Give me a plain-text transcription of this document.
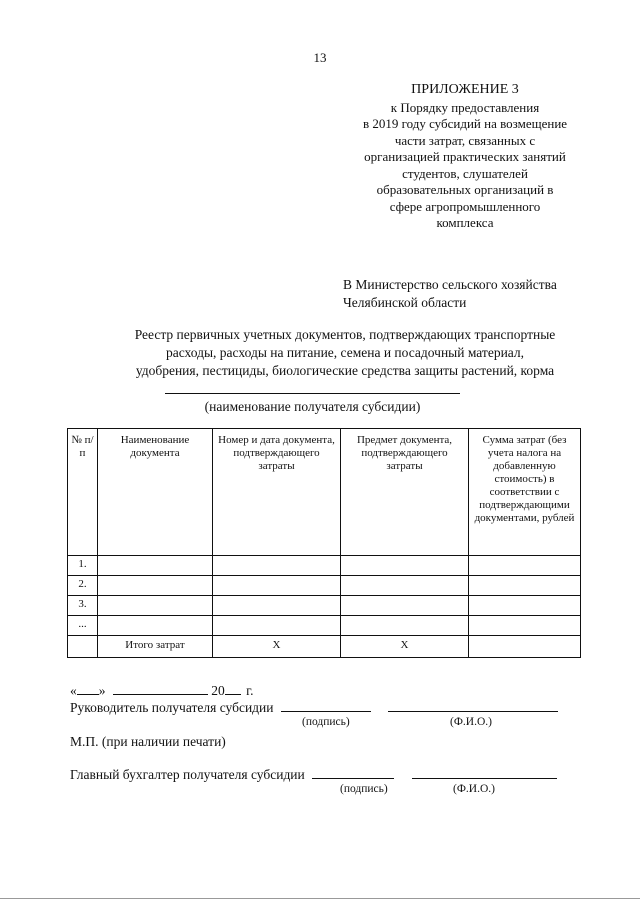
13
ПРИЛОЖЕНИЕ 3
к Порядку предоставления
в 2019 году субсидий на возмещение
части затрат, связанных с
организацией практических занятий
студентов, слушателей
образовательных организаций в
сфере агропромышленного
комплекса
В Министерство сельского хозяйства
Челябинской области
Реестр первичных учетных документов, подтверждающих транспортные
расходы, расходы на питание, семена и посадочный материал,
удобрения, пестициды, биологические средства защиты растений, корма
(наименование получателя субсидии)
№ п/п	Наименование документа	Номер и дата документа, подтверждающего затраты	Предмет документа, подтверждающего затраты	Сумма затрат (без учета налога на добавленную стоимость) в соответствии с подтверждающими документами, рублей
1.				
2.				
3.				
...				
	Итого затрат	Х	Х	
« »	20 г.
Руководитель получателя субсидии
(подпись)	(Ф.И.О.)
М.П. (при наличии печати)
Главный бухгалтер получателя субсидии
(подпись)	(Ф.И.О.)
